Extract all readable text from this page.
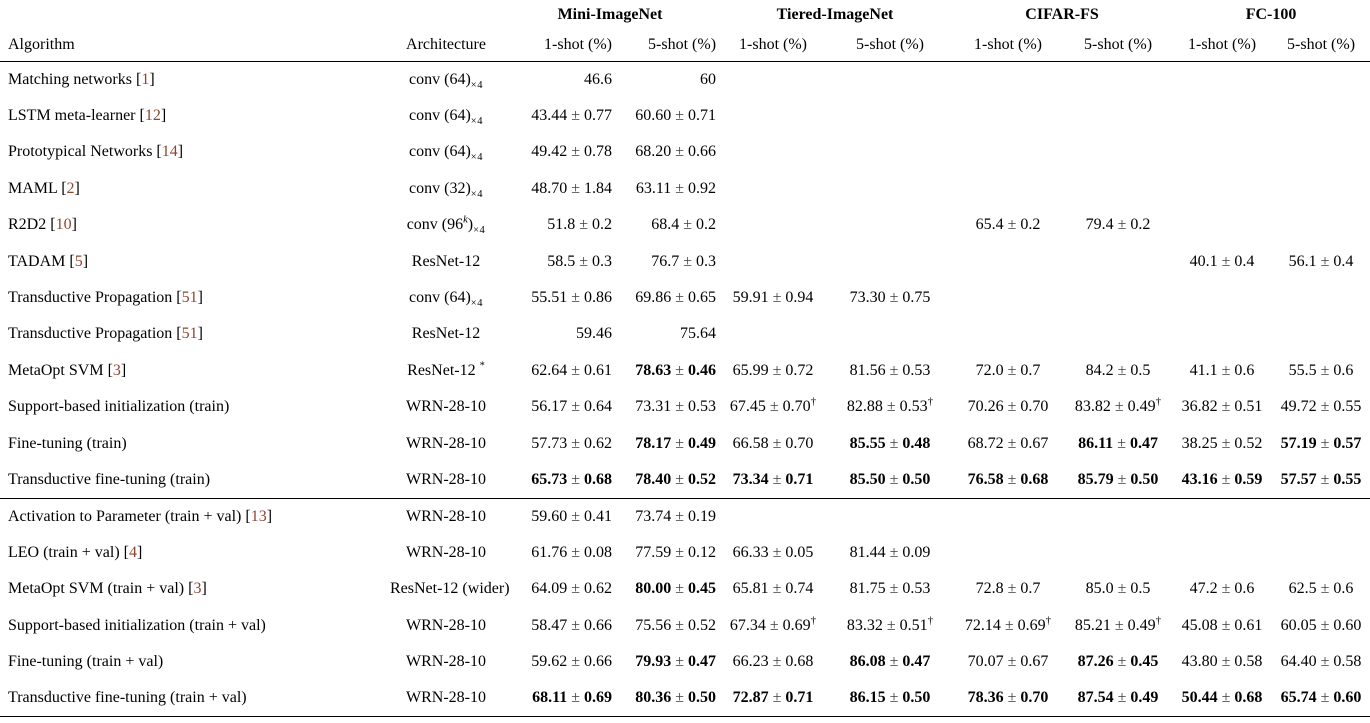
		Mini-ImageNet		Tiered-ImageNet		CIFAR-FS		FC-100	
Algorithm	Architecture	1-shot (%)	5-shot (%)	1-shot (%)	5-shot (%)	1-shot (%)	5-shot (%)	1-shot (%)	5-shot (%)
Matching networks [1]	conv $(64)_{\times 4}$	46.6	60						
LSTM meta-learner [12]	conv $(64)_{\times 4}$	43.44 ± 0.77	60.60 ± 0.71						
Prototypical Networks [14]	conv $(64)_{\times 4}$	49.42 ± 0.78	68.20 ± 0.66						
MAML [2]	conv $(32)_{\times 4}$	48.70 ± 1.84	63.11 ± 0.92						
R2D2 [10]	conv $(96^k)_{\times 4}$	51.8 ± 0.2	68.4 ± 0.2			65.4 ± 0.2	79.4 ± 0.2		
TADAM [5]	ResNet-12	58.5 ± 0.3	76.7 ± 0.3					40.1 ± 0.4	56.1 ± 0.4
Transductive Propagation [51]	conv $(64)_{\times 4}$	55.51 ± 0.86	69.86 ± 0.65	59.91 ± 0.94	73.30 ± 0.75				
Transductive Propagation [51]	ResNet-12	59.46	75.64						
MetaOpt SVM [3]	ResNet-12 *	62.64 ± 0.61	78.63 ± 0.46	65.99 ± 0.72	81.56 ± 0.53	72.0 ± 0.7	84.2 ± 0.5	41.1 ± 0.6	55.5 ± 0.6
Support-based initialization (train)	WRN-28-10	56.17 ± 0.64	73.31 ± 0.53	67.45 ± 0.70†	82.88 ± 0.53†	70.26 ± 0.70	83.82 ± 0.49†	36.82 ± 0.51	49.72 ± 0.55
Fine-tuning (train)	WRN-28-10	57.73 ± 0.62	78.17 ± 0.49	66.58 ± 0.70	85.55 ± 0.48	68.72 ± 0.67	86.11 ± 0.47	38.25 ± 0.52	57.19 ± 0.57
Transductive fine-tuning (train)	WRN-28-10	65.73 ± 0.68	78.40 ± 0.52	73.34 ± 0.71	85.50 ± 0.50	76.58 ± 0.68	85.79 ± 0.50	43.16 ± 0.59	57.57 ± 0.55
Activation to Parameter (train + val) [13]	WRN-28-10	59.60 ± 0.41	73.74 ± 0.19						
LEO (train + val) [4]	WRN-28-10	61.76 ± 0.08	77.59 ± 0.12	66.33 ± 0.05	81.44 ± 0.09				
MetaOpt SVM (train + val) [3]	ResNet-12 (wider)	64.09 ± 0.62	80.00 ± 0.45	65.81 ± 0.74	81.75 ± 0.53	72.8 ± 0.7	85.0 ± 0.5	47.2 ± 0.6	62.5 ± 0.6
Support-based initialization (train + val)	WRN-28-10	58.47 ± 0.66	75.56 ± 0.52	67.34 ± 0.69†	83.32 ± 0.51†	72.14 ± 0.69†	85.21 ± 0.49†	45.08 ± 0.61	60.05 ± 0.60
Fine-tuning (train + val)	WRN-28-10	59.62 ± 0.66	79.93 ± 0.47	66.23 ± 0.68	86.08 ± 0.47	70.07 ± 0.67	87.26 ± 0.45	43.80 ± 0.58	64.40 ± 0.58
Transductive fine-tuning (train + val)	WRN-28-10	68.11 ± 0.69	80.36 ± 0.50	72.87 ± 0.71	86.15 ± 0.50	78.36 ± 0.70	87.54 ± 0.49	50.44 ± 0.68	65.74 ± 0.60
